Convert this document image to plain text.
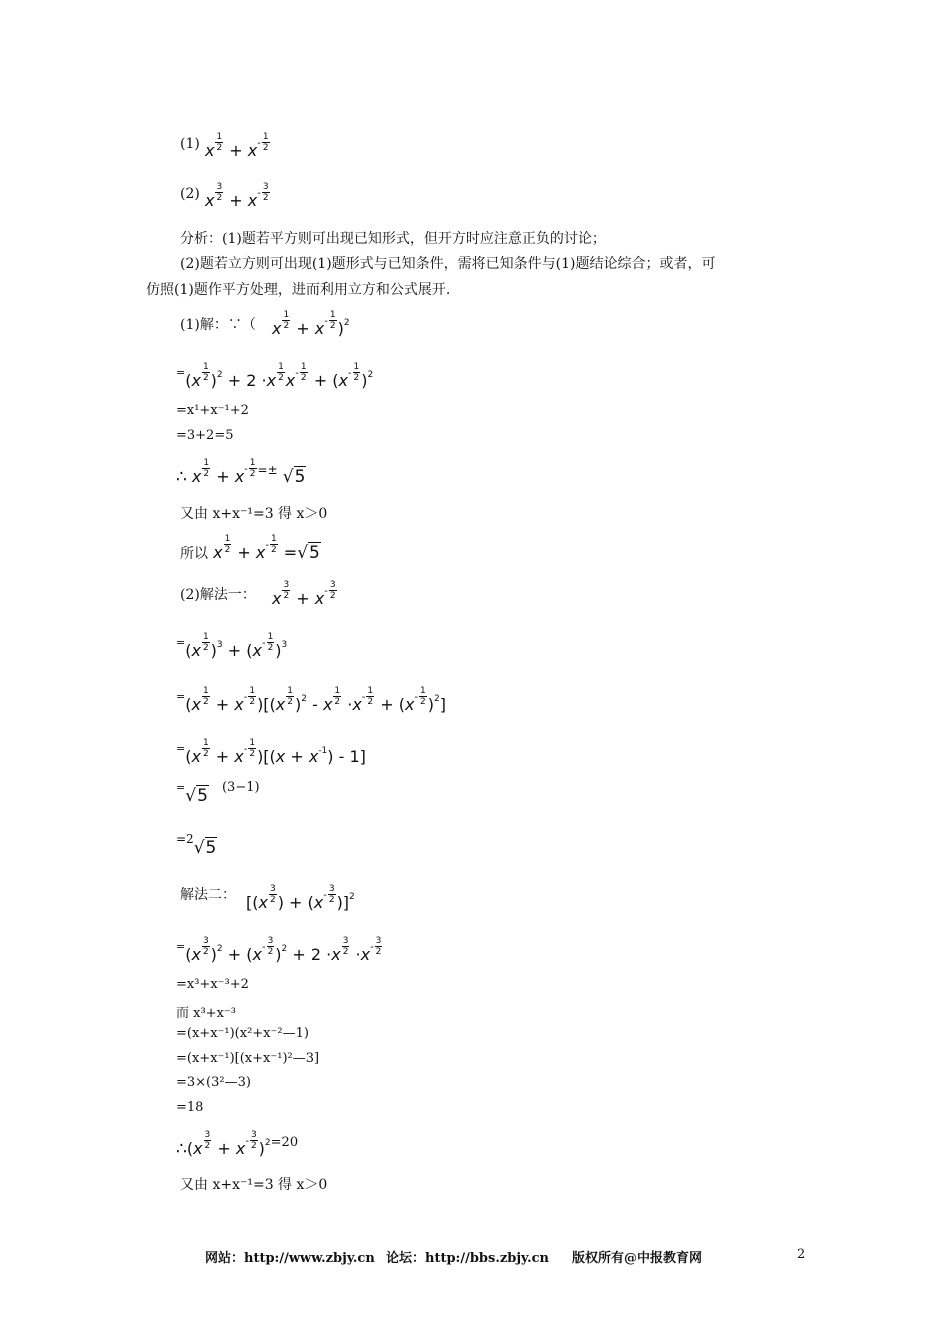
(1) x $\frac{1}{2} + x^- \frac{1}{2}$
(2) x $\frac{3}{2} + x^- \frac{3}{2}$
分析：(1)题若平方则可出现已知形式，但开方时应注意正负的讨论；
(2)题若立方则可出现(1)题形式与已知条件，需将已知条件与(1)题结论综合；或者，可
仿照(1)题作平方处理，进而利用立方和公式展开.
(1)解：∵（ x $\frac{1}{2} + x^- \frac{1}{2} )^2$
$^=(x \frac{1}{2} )^2 + 2 \cdot x \frac{1}{2} x^- \frac{1}{2} + (x^- \frac{1}{2} )^2$
=x¹+x⁻¹+2
=3+2=5
∴ x $\frac{1}{2} + x^- \frac{1}{2} ^{=\pm}$ √5
又由 x+x⁻¹=3 得 x＞0
所以 x $\frac{1}{2} + x^- \frac{1}{2} =√5$
(2)解法一： x $\frac{3}{2} + x^- \frac{3}{2}$
$^=(x \frac{1}{2} )^3 + (x^- \frac{1}{2} )^3$
$^=(x \frac{1}{2} + x^- \frac{1}{2} )[(x \frac{1}{2} )^2 - x \frac{1}{2} \cdot x^- \frac{1}{2} + (x^- \frac{1}{2} )^2]$
$^=(x \frac{1}{2} + x^- \frac{1}{2} )[(x + x^{-1}) - 1]$
=√5 $^{(3-1)}$
$^{=2}$√5
解法二： [($x \frac{3}{2}$ ) + $(x^- \frac{3}{2} )]^2$
$^=(x \frac{3}{2} )^2 + (x^- \frac{3}{2} )^2 + 2 \cdot x \frac{3}{2} \cdot x^- \frac{3}{2}$
=x³+x⁻³+2
而 x³+x⁻³
=(x+x⁻¹)(x²+x⁻²—1)
=(x+x⁻¹)[(x+x⁻¹)²—3]
=3×(3²—3)
=18
∴(x $\frac{3}{2} + x^- \frac{3}{2} )^{2=20}$
又由 x+x⁻¹=3 得 x＞0
网站：http://www.zbjy.cn 论坛：http://bbs.zbjy.cn 版权所有@中报教育网	2
